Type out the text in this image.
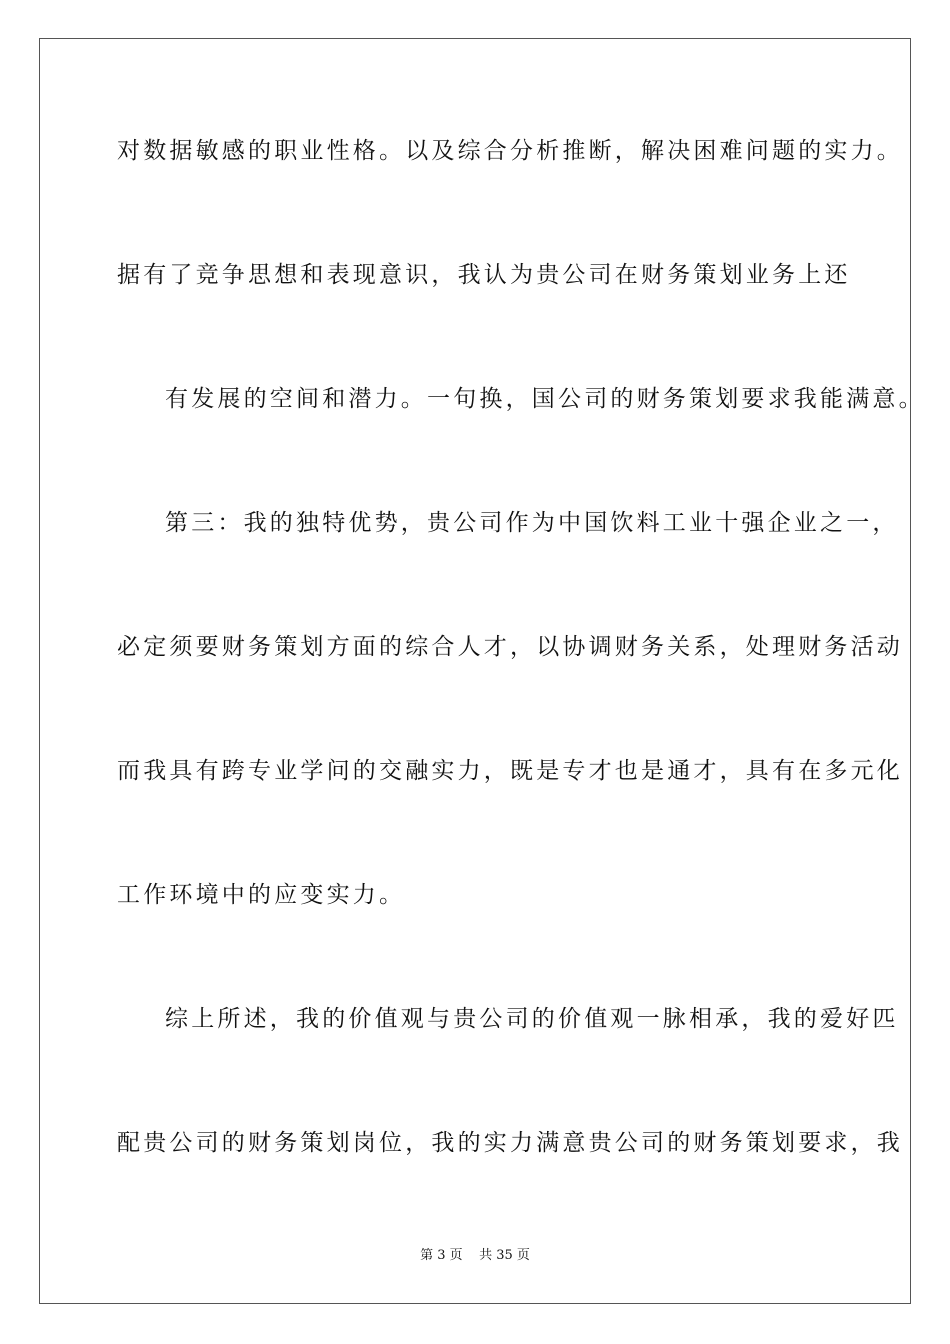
对数据敏感的职业性格。以及综合分析推断，解决困难问题的实力。
据有了竞争思想和表现意识，我认为贵公司在财务策划业务上还
有发展的空间和潜力。一句换，国公司的财务策划要求我能满意。
第三：我的独特优势，贵公司作为中国饮料工业十强企业之一，
必定须要财务策划方面的综合人才，以协调财务关系，处理财务活动
而我具有跨专业学问的交融实力，既是专才也是通才，具有在多元化
工作环境中的应变实力。
综上所述，我的价值观与贵公司的价值观一脉相承，我的爱好匹
配贵公司的财务策划岗位，我的实力满意贵公司的财务策划要求，我
第 3 页    共 35 页
